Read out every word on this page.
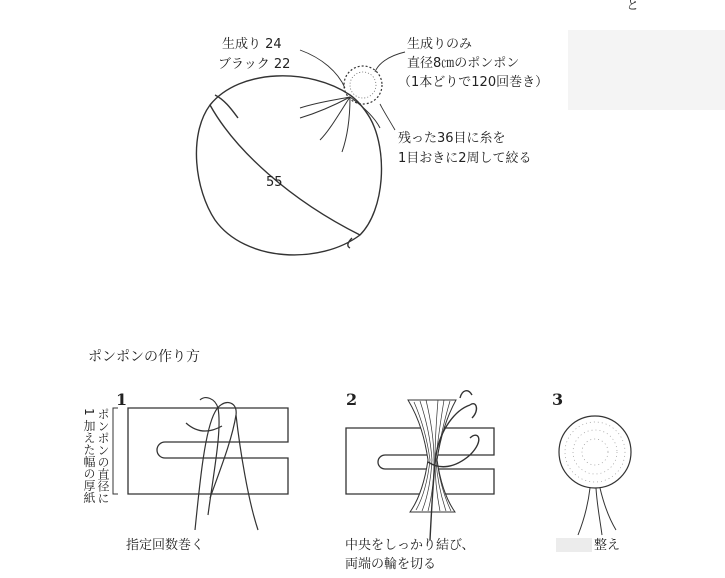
と
生成り 24
ブラック 22
生成りのみ
直径8㎝のポンポン
（1本どりで120回巻き）
残った36目に糸を
1目おきに2周して絞る
55
ポンポンの作り方
1	2	3
ポンポンの直径に
1 加えた幅の厚紙
指定回数巻く	中央をしっかり結び、
両端の輪を切る
整え
